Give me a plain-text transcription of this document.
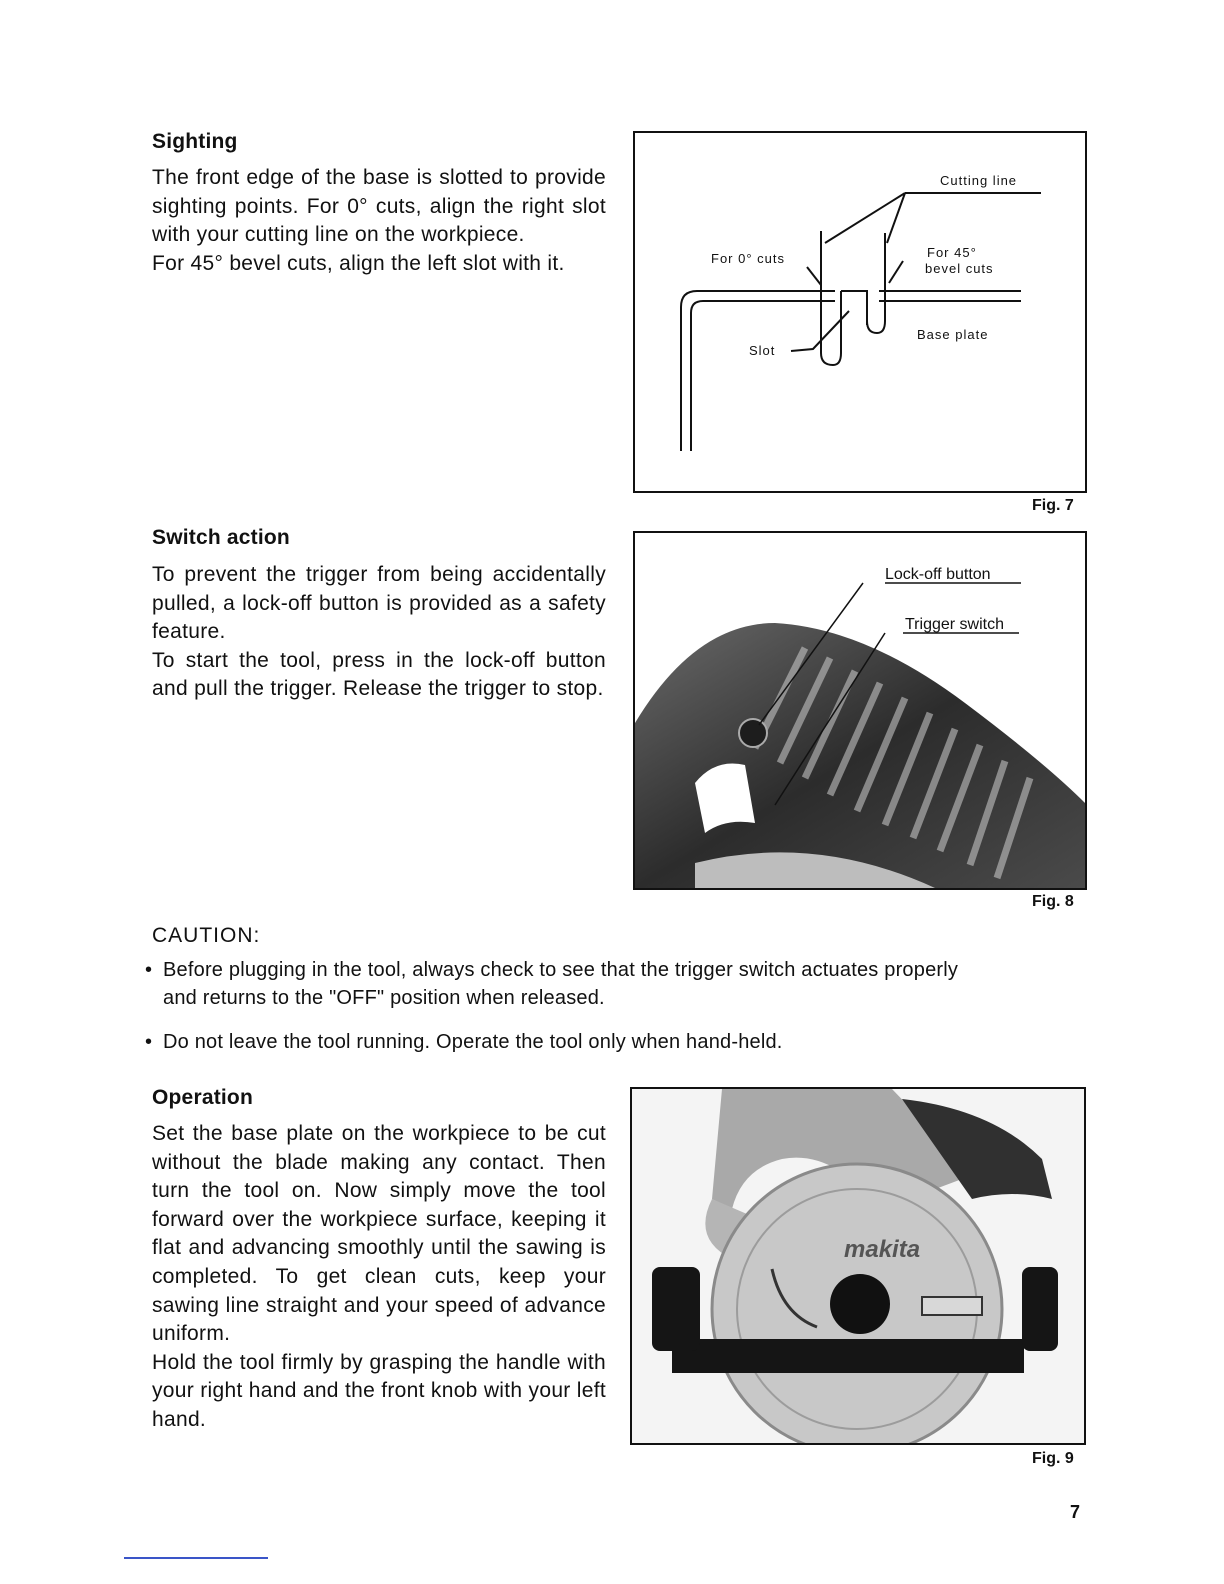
Sighting

The front edge of the base is slotted to provide sighting points. For 0° cuts, align the right slot with your cutting line on the workpiece.

For 45° bevel cuts, align the left slot with it.

Cutting line
For 0° cuts	For 45°
bevel cuts
Base plate
Slot
Fig. 7
Switch action

To prevent the trigger from being accidentally pulled, a lock-off button is provided as a safety feature.

To start the tool, press in the lock-off button and pull the trigger. Release the trigger to stop.

Lock-off button
Trigger switch
Fig. 8
CAUTION:
• Before plugging in the tool, always check to see that the trigger switch actuates properly
and returns to the "OFF" position when released.
• Do not leave the tool running. Operate the tool only when hand-held.
Operation

Set the base plate on the workpiece to be cut without the blade making any contact. Then turn the tool on. Now simply move the tool forward over the workpiece surface, keeping it flat and advancing smoothly until the sawing is completed. To get clean cuts, keep your sawing line straight and your speed of advance uniform.

Hold the tool firmly by grasping the handle with your right hand and the front knob with your left hand.

makita
Fig. 9
7
